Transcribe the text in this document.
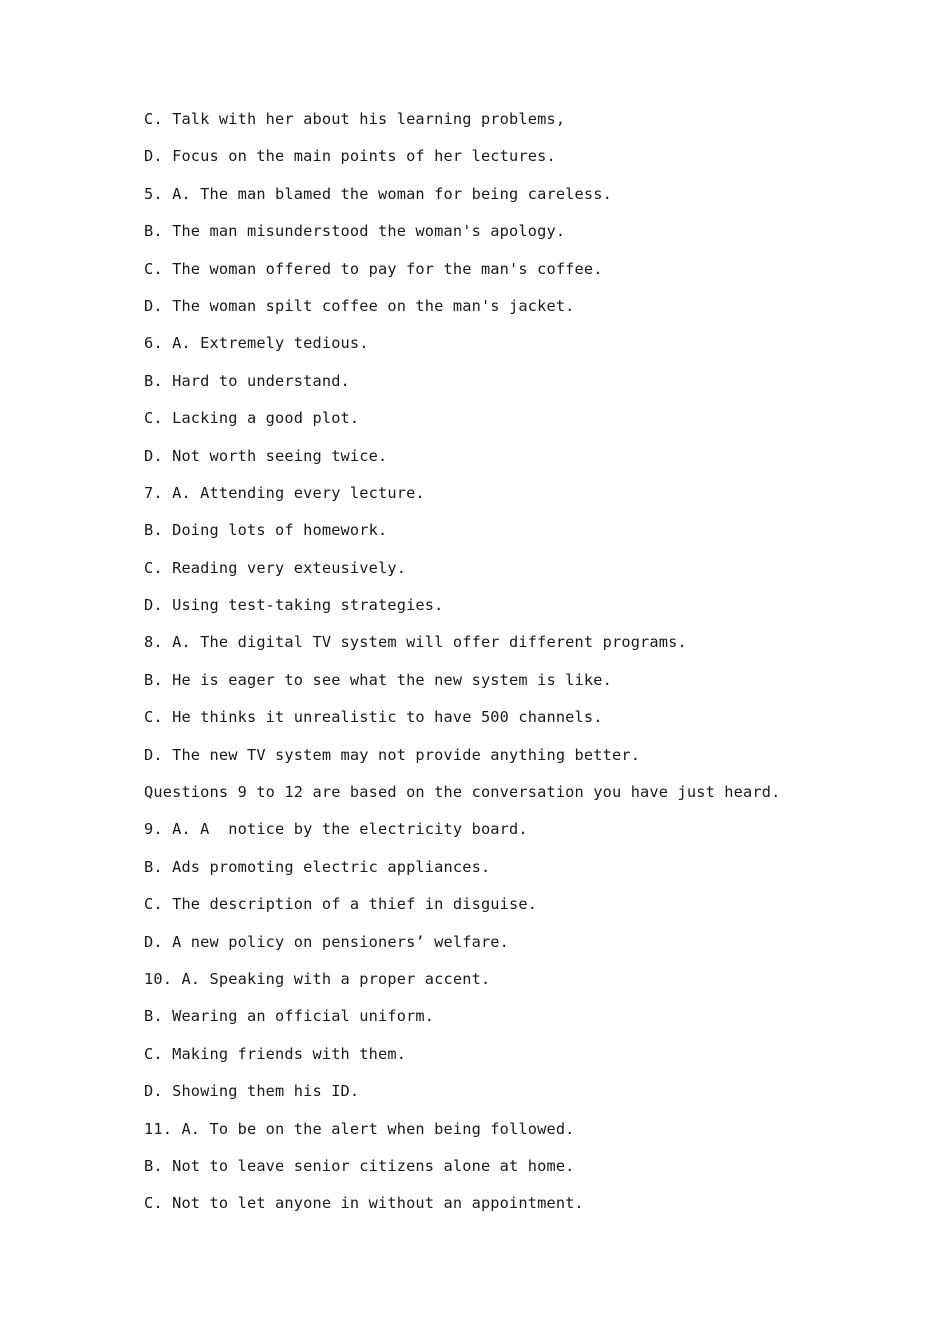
C. Talk with her about his learning problems,
D. Focus on the main points of her lectures.
5. A. The man blamed the woman for being careless.
B. The man misunderstood the woman's apology.
C. The woman offered to pay for the man's coffee.
D. The woman spilt coffee on the man's jacket.
6. A. Extremely tedious.
B. Hard to understand.
C. Lacking a good plot.
D. Not worth seeing twice.
7. A. Attending every lecture.
B. Doing lots of homework.
C. Reading very exteusively.
D. Using test-taking strategies.
8. A. The digital TV system will offer different programs.
B. He is eager to see what the new system is like.
C. He thinks it unrealistic to have 500 channels.
D. The new TV system may not provide anything better.
Questions 9 to 12 are based on the conversation you have just heard.
9. A. A  notice by the electricity board.
B. Ads promoting electric appliances.
C. The description of a thief in disguise.
D. A new policy on pensioners’ welfare.
10. A. Speaking with a proper accent.
B. Wearing an official uniform.
C. Making friends with them.
D. Showing them his ID.
11. A. To be on the alert when being followed.
B. Not to leave senior citizens alone at home.
C. Not to let anyone in without an appointment.
